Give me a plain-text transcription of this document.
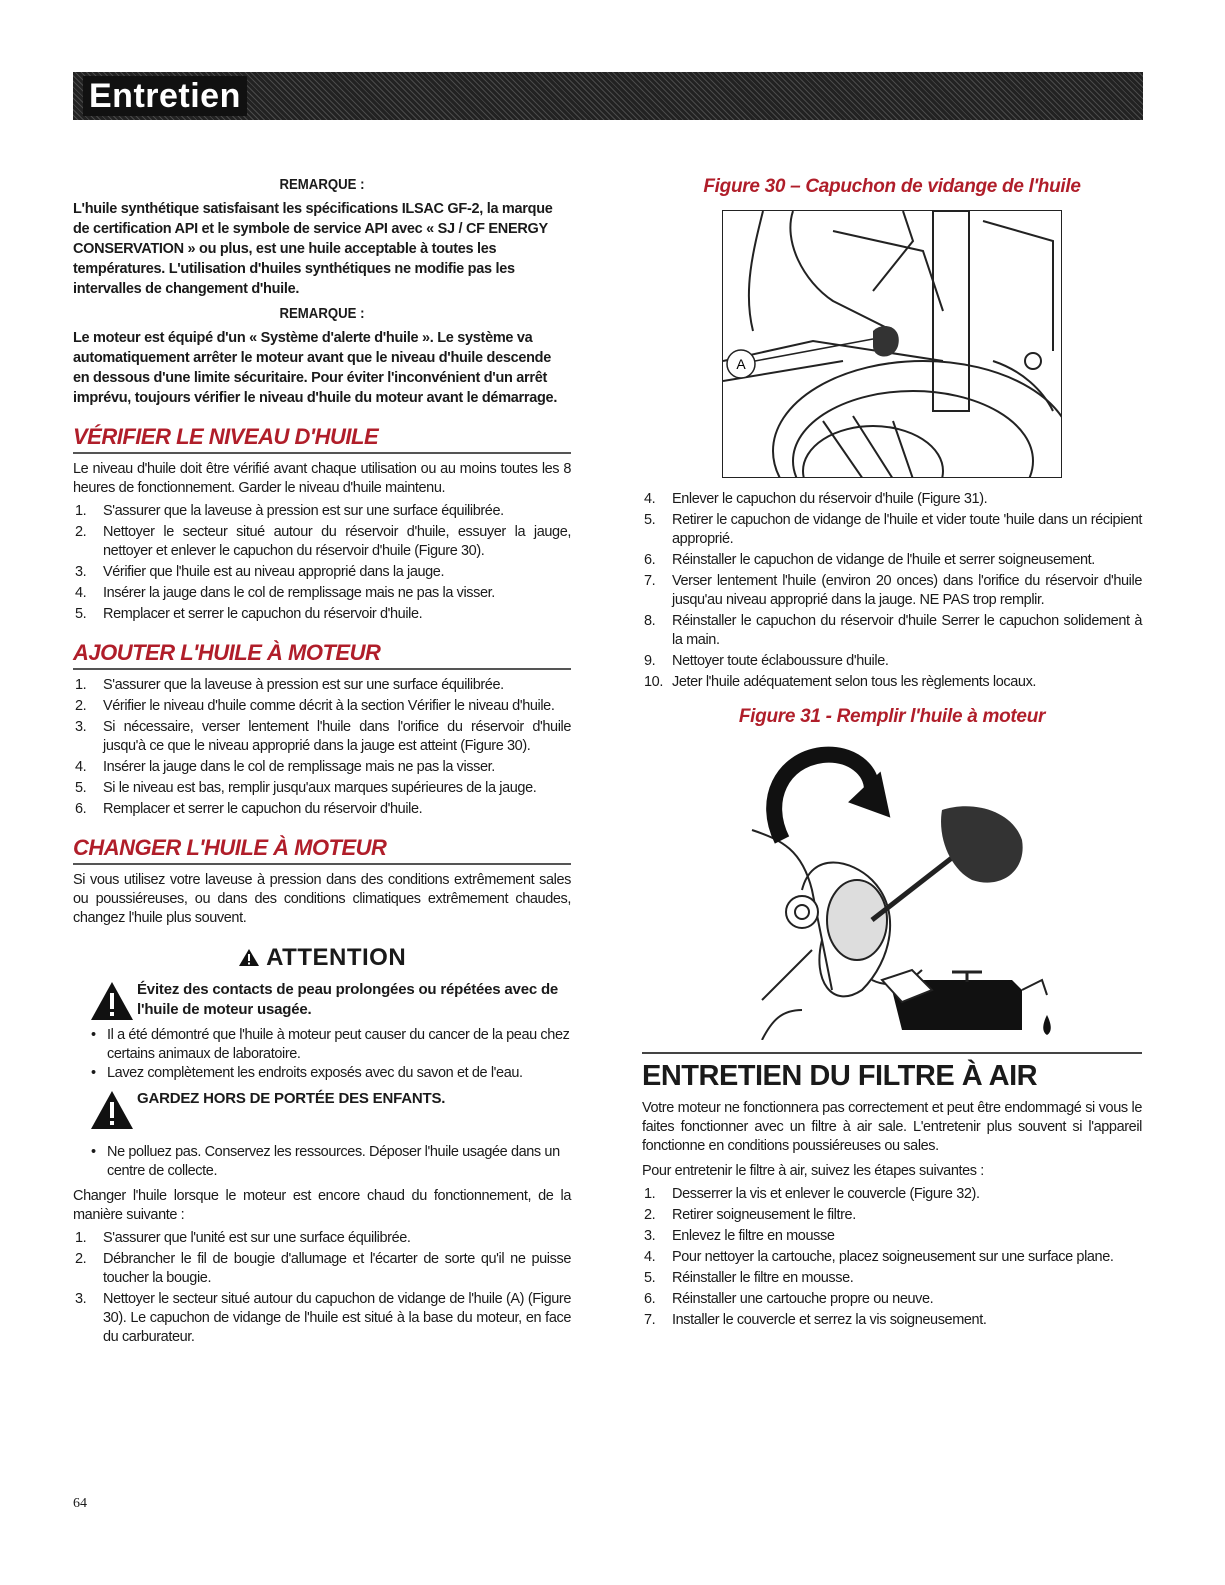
Entretien
REMARQUE :
L'huile synthétique satisfaisant les spécifications ILSAC GF-2, la marque de certification API et le symbole de service API avec « SJ / CF ENERGY CONSERVATION » ou plus, est une huile acceptable à toutes les températures. L'utilisation d'huiles synthétiques ne modifie pas les intervalles de changement d'huile.
REMARQUE :
Le moteur est équipé d'un « Système d'alerte d'huile ». Le système va automatiquement arrêter le moteur avant que le niveau d'huile descende en dessous d'une limite sécuritaire. Pour éviter l'inconvénient d'un arrêt imprévu, toujours vérifier le niveau d'huile du moteur avant le démarrage.
VÉRIFIER LE NIVEAU D'HUILE
Le niveau d'huile doit être vérifié avant chaque utilisation ou au moins toutes les 8 heures de fonctionnement. Garder le niveau d'huile maintenu.
1. S'assurer que la laveuse à pression est sur une surface équilibrée.
2. Nettoyer le secteur situé autour du réservoir d'huile, essuyer la jauge, nettoyer et enlever le capuchon du réservoir d'huile (Figure 30).
3. Vérifier que l'huile est au niveau approprié dans la jauge.
4. Insérer la jauge dans le col de remplissage mais ne pas la visser.
5. Remplacer et serrer le capuchon du réservoir d'huile.
AJOUTER L'HUILE À MOTEUR
1. S'assurer que la laveuse à pression est sur une surface équilibrée.
2. Vérifier le niveau d'huile comme décrit à la section Vérifier le niveau d'huile.
3. Si nécessaire, verser lentement l'huile dans l'orifice du réservoir d'huile jusqu'à ce que le niveau approprié dans la jauge est atteint (Figure 30).
4. Insérer la jauge dans le col de remplissage mais ne pas la visser.
5. Si le niveau est bas, remplir jusqu'aux marques supérieures de la jauge.
6. Remplacer et serrer le capuchon du réservoir d'huile.
CHANGER L'HUILE À MOTEUR
Si vous utilisez votre laveuse à pression dans des conditions extrêmement sales ou poussiéreuses, ou dans des conditions climatiques extrêmement chaudes, changez l'huile plus souvent.
ATTENTION
Évitez des contacts de peau prolongées ou répétées avec de l'huile de moteur usagée.
• Il a été démontré que l'huile à moteur peut causer du cancer de la peau chez certains animaux de laboratoire.
• Lavez complètement les endroits exposés avec du savon et de l'eau.
GARDEZ HORS DE PORTÉE DES ENFANTS.
• Ne polluez pas. Conservez les ressources. Déposer l'huile usagée dans un centre de collecte.
Changer l'huile lorsque le moteur est encore chaud du fonctionnement, de la manière suivante :
1. S'assurer que l'unité est sur une surface équilibrée.
2. Débrancher le fil de bougie d'allumage et l'écarter de sorte qu'il ne puisse toucher la bougie.
3. Nettoyer le secteur situé autour du capuchon de vidange de l'huile (A) (Figure 30). Le capuchon de vidange de l'huile est situé à la base du moteur, en face du carburateur.
Figure 30 – Capuchon de vidange de l'huile
A
4. Enlever le capuchon du réservoir d'huile (Figure 31).
5. Retirer le capuchon de vidange de l'huile et vider toute 'huile dans un récipient approprié.
6. Réinstaller le capuchon de vidange de l'huile et serrer soigneusement.
7. Verser lentement l'huile (environ 20 onces) dans l'orifice du réservoir d'huile jusqu'au niveau approprié dans la jauge. NE PAS trop remplir.
8. Réinstaller le capuchon du réservoir d'huile Serrer le capuchon solidement à la main.
9. Nettoyer toute éclaboussure d'huile.
10. Jeter l'huile adéquatement selon tous les règlements locaux.
Figure 31 - Remplir l'huile à moteur
ENTRETIEN DU FILTRE À AIR
Votre moteur ne fonctionnera pas correctement et peut être endommagé si vous le faites fonctionner avec un filtre à air sale. L'entretenir plus souvent si l'appareil fonctionne en conditions poussiéreuses ou sales.
Pour entretenir le filtre à air, suivez les étapes suivantes :
1. Desserrer la vis et enlever le couvercle (Figure 32).
2. Retirer soigneusement le filtre.
3. Enlevez le filtre en mousse
4. Pour nettoyer la cartouche, placez soigneusement sur une surface plane.
5. Réinstaller le filtre en mousse.
6. Réinstaller une cartouche propre ou neuve.
7. Installer le couvercle et serrez la vis soigneusement.
64
